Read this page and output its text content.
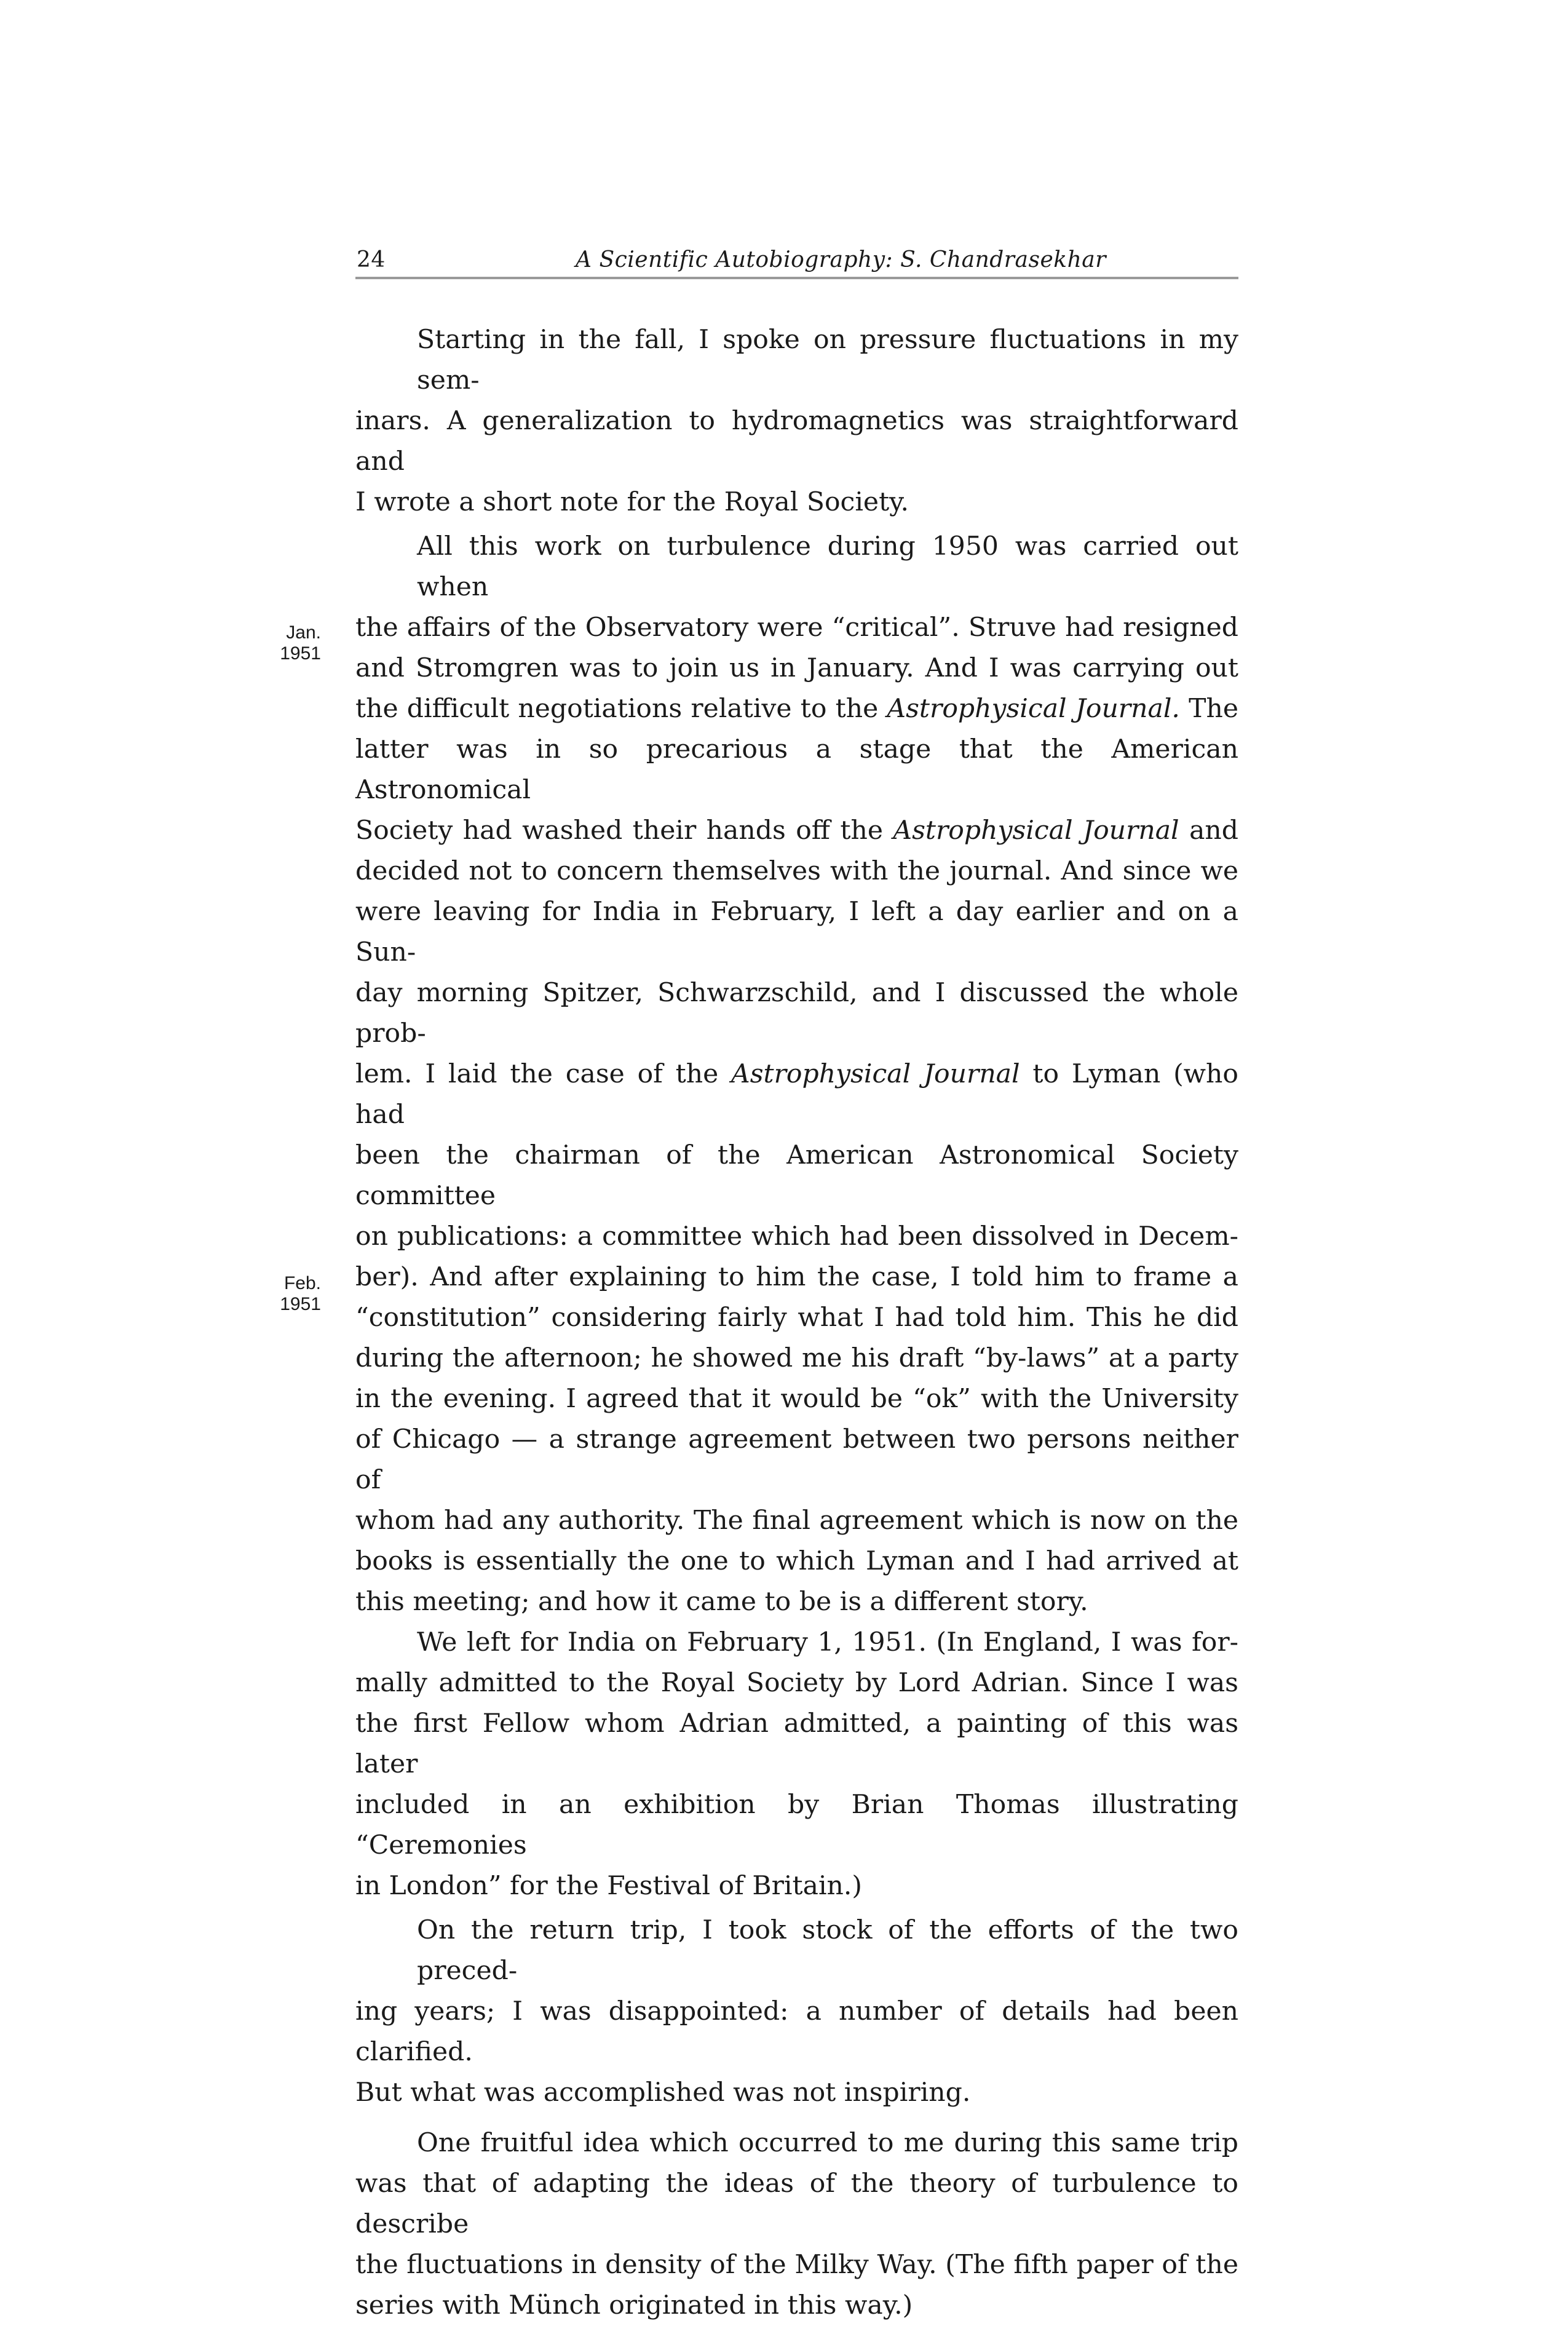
24	A Scientific Autobiography: S. Chandrasekhar
Jan.
1951
Feb.
1951
Starting in the fall, I spoke on pressure fluctuations in my sem-
inars. A generalization to hydromagnetics was straightforward and
I wrote a short note for the Royal Society.
All this work on turbulence during 1950 was carried out when
the affairs of the Observatory were “critical”. Struve had resigned
and Stromgren was to join us in January. And I was carrying out
the difficult negotiations relative to the Astrophysical Journal. The
latter was in so precarious a stage that the American Astronomical
Society had washed their hands off the Astrophysical Journal and
decided not to concern themselves with the journal. And since we
were leaving for India in February, I left a day earlier and on a Sun-
day morning Spitzer, Schwarzschild, and I discussed the whole prob-
lem. I laid the case of the Astrophysical Journal to Lyman (who had
been the chairman of the American Astronomical Society committee
on publications: a committee which had been dissolved in Decem-
ber). And after explaining to him the case, I told him to frame a
“constitution” considering fairly what I had told him. This he did
during the afternoon; he showed me his draft “by-laws” at a party
in the evening. I agreed that it would be “ok” with the University
of Chicago — a strange agreement between two persons neither of
whom had any authority. The final agreement which is now on the
books is essentially the one to which Lyman and I had arrived at
this meeting; and how it came to be is a different story.
We left for India on February 1, 1951. (In England, I was for-
mally admitted to the Royal Society by Lord Adrian. Since I was
the first Fellow whom Adrian admitted, a painting of this was later
included in an exhibition by Brian Thomas illustrating “Ceremonies
in London” for the Festival of Britain.)
On the return trip, I took stock of the efforts of the two preced-
ing years; I was disappointed: a number of details had been clarified.
But what was accomplished was not inspiring.
One fruitful idea which occurred to me during this same trip
was that of adapting the ideas of the theory of turbulence to describe
the fluctuations in density of the Milky Way. (The fifth paper of the
series with Münch originated in this way.)
